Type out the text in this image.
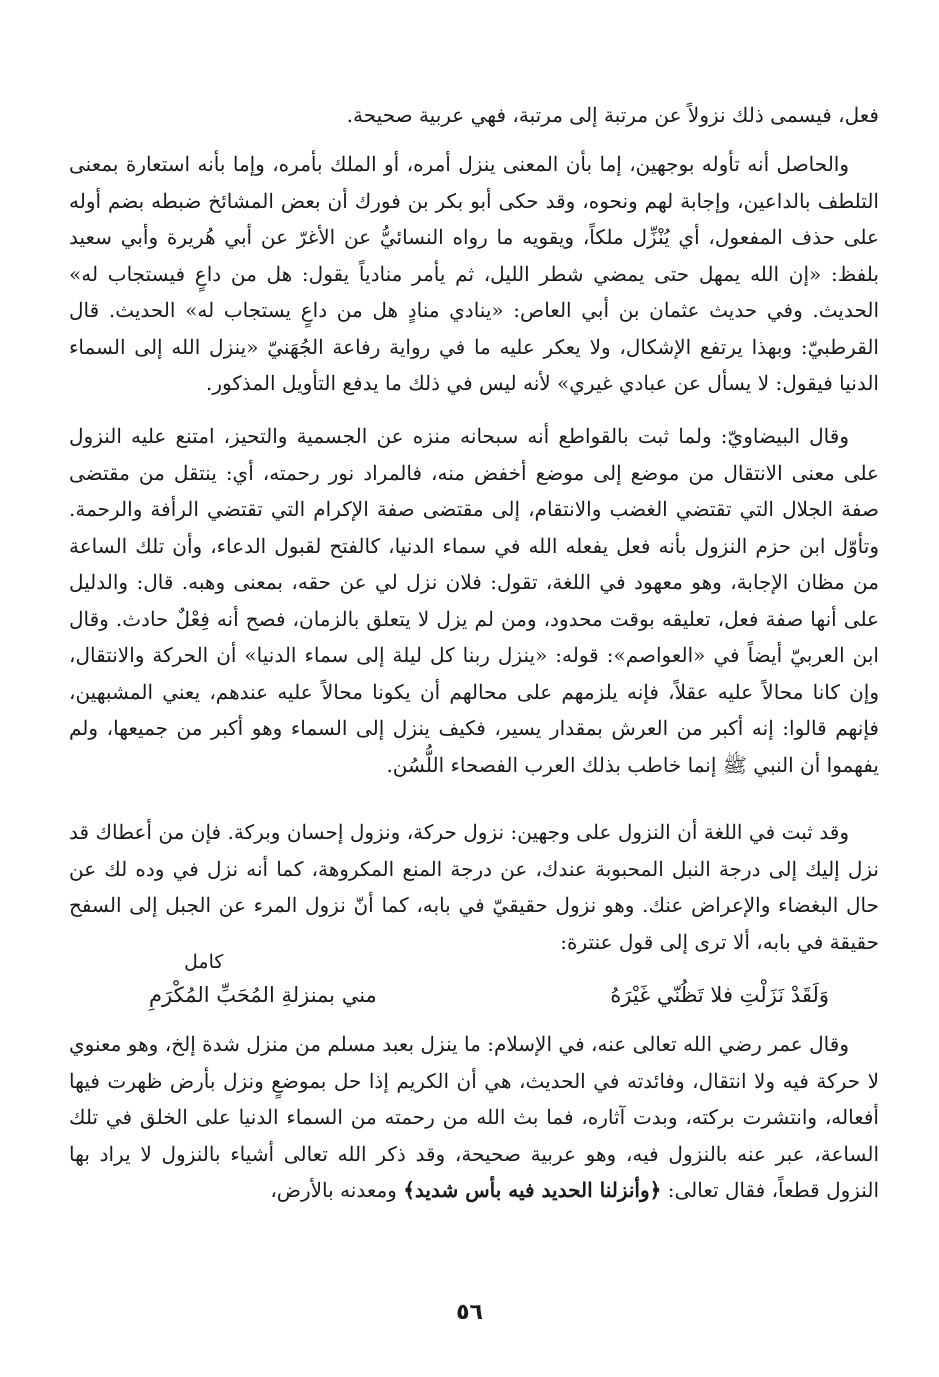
فعل، فيسمى ذلك نزولاً عن مرتبة إلى مرتبة، فهي عربية صحيحة.

والحاصل أنه تأوله بوجهين، إما بأن المعنى ينزل أمره، أو الملك بأمره، وإما بأنه استعارة بمعنى التلطف بالداعين، وإجابة لهم ونحوه، وقد حكى أبو بكر بن فورك أن بعض المشائخ ضبطه بضم أوله على حذف المفعول، أي يُنْزِّل ملكاً، ويقويه ما رواه النسائيُّ عن الأغرّ عن أبي هُريرة وأبي سعيد بلفظ: «إن الله يمهل حتى يمضي شطر الليل، ثم يأمر منادياً يقول: هل من داعٍ فيستجاب له» الحديث. وفي حديث عثمان بن أبي العاص: «ينادي منادٍ هل من داعٍ يستجاب له» الحديث. قال القرطبيّ: وبهذا يرتفع الإشكال، ولا يعكر عليه ما في رواية رفاعة الجُهَنيّ «ينزل الله إلى السماء الدنيا فيقول: لا يسأل عن عبادي غيري» لأنه ليس في ذلك ما يدفع التأويل المذكور.

وقال البيضاويّ: ولما ثبت بالقواطع أنه سبحانه منزه عن الجسمية والتحيز، امتنع عليه النزول على معنى الانتقال من موضع إلى موضع أخفض منه، فالمراد نور رحمته، أي: ينتقل من مقتضى صفة الجلال التي تقتضي الغضب والانتقام، إلى مقتضى صفة الإكرام التي تقتضي الرأفة والرحمة. وتأوّل ابن حزم النزول بأنه فعل يفعله الله في سماء الدنيا، كالفتح لقبول الدعاء، وأن تلك الساعة من مظان الإجابة، وهو معهود في اللغة، تقول: فلان نزل لي عن حقه، بمعنى وهبه. قال: والدليل على أنها صفة فعل، تعليقه بوقت محدود، ومن لم يزل لا يتعلق بالزمان، فصح أنه فِعْلٌ حادث. وقال ابن العربيّ أيضاً في «العواصم»: قوله: «ينزل ربنا كل ليلة إلى سماء الدنيا» أن الحركة والانتقال، وإن كانا محالاً عليه عقلاً، فإنه يلزمهم على محالهم أن يكونا محالاً عليه عندهم، يعني المشبهين، فإنهم قالوا: إنه أكبر من العرش بمقدار يسير، فكيف ينزل إلى السماء وهو أكبر من جميعها، ولم يفهموا أن النبي ﷺ إنما خاطب بذلك العرب الفصحاء اللُّسُن.

وقد ثبت في اللغة أن النزول على وجهين: نزول حركة، ونزول إحسان وبركة. فإن من أعطاك قد نزل إليك إلى درجة النبل المحبوبة عندك، عن درجة المنع المكروهة، كما أنه نزل في وده لك عن حال البغضاء والإعراض عنك. وهو نزول حقيقيّ في بابه، كما أنّ نزول المرء عن الجبل إلى السفح حقيقة في بابه، ألا ترى إلى قول عنترة:

كامل
وَلَقَدْ نَزَلْتِ فلا تَظُنّي غَيْرَهُ
مني بمنزلةِ المُحَبِّ المُكْرَمِ

وقال عمر رضي الله تعالى عنه، في الإسلام: ما ينزل بعبد مسلم من منزل شدة إلخ، وهو معنوي لا حركة فيه ولا انتقال، وفائدته في الحديث، هي أن الكريم إذا حل بموضعٍ ونزل بأرض ظهرت فيها أفعاله، وانتشرت بركته، وبدت آثاره، فما بث الله من رحمته من السماء الدنيا على الخلق في تلك الساعة، عبر عنه بالنزول فيه، وهو عربية صحيحة، وقد ذكر الله تعالى أشياء بالنزول لا يراد بها النزول قطعاً، فقال تعالى: ﴿وأنزلنا الحديد فيه بأس شديد﴾ ومعدنه بالأرض،

٥٦
